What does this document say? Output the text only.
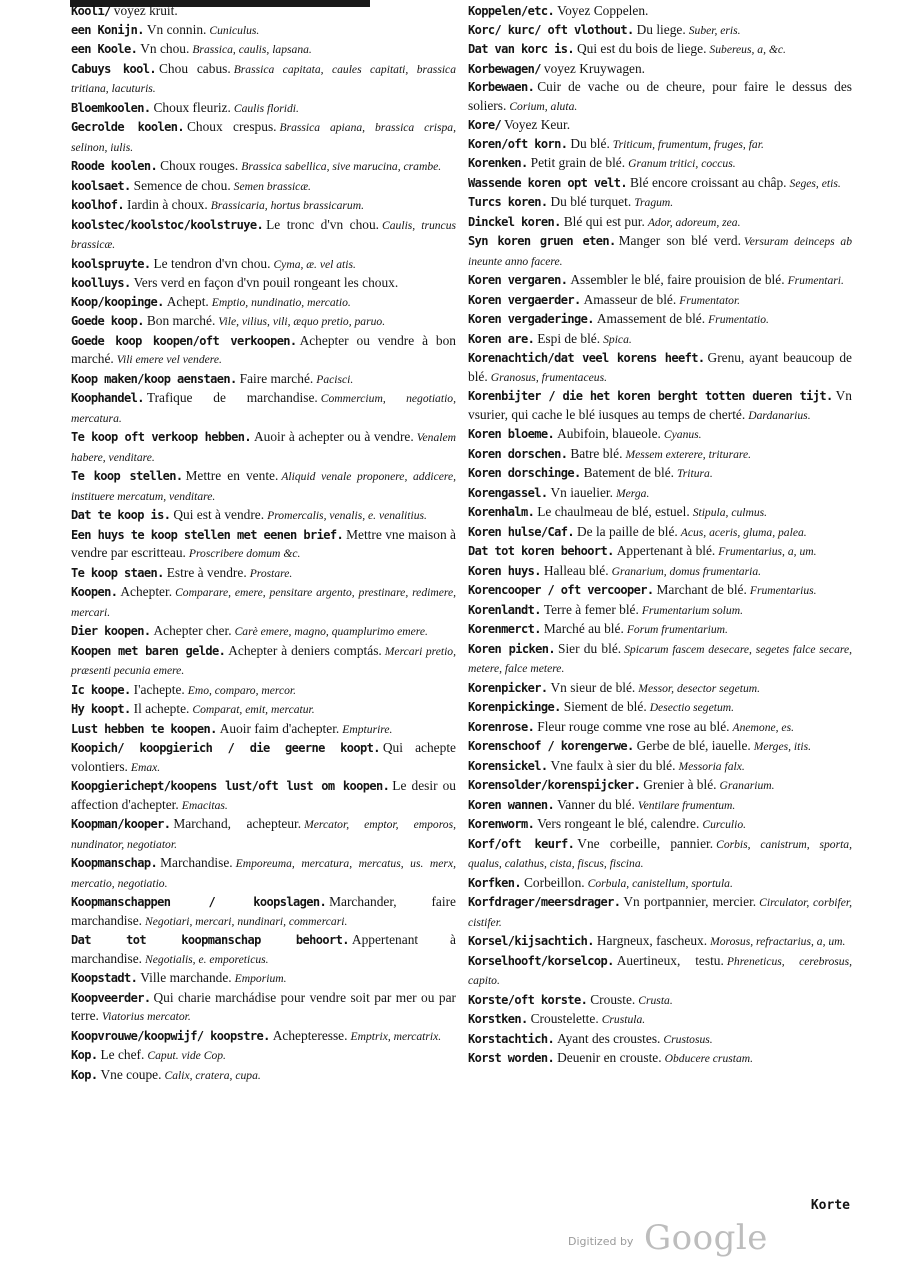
Kooli/ voyez kruit.

een Konijn. Vn connin. Cuniculus.

een Koole. Vn chou. Brassica, caulis, lapsana.

Cabuys kool. Chou cabus. Brassica capitata, caules capitati, brassica tritiana, lacuturis.

Bloemkoolen. Choux fleuriz. Caulis floridi.

Gecrolde koolen. Choux crespus. Brassica apiana, brassica crispa, selinon, iulis.

Roode koolen. Choux rouges. Brassica sabellica, sive marucina, crambe.

koolsaet. Semence de chou. Semen brassicæ.

koolhof. Iardin à choux. Brassicaria, hortus brassicarum.

koolstec/koolstoc/koolstruye. Le tronc d'vn chou. Caulis, truncus brassicæ.

koolspruyte. Le tendron d'vn chou. Cyma, æ. vel atis.

koolluys. Vers verd en façon d'vn pouil rongeant les choux.

Koop/koopinge. Achept. Emptio, nundinatio, mercatio.

Goede koop. Bon marché. Vile, vilius, vili, æquo pretio, paruo.

Goede koop koopen/oft verkoopen. Achepter ou vendre à bon marché. Vili emere vel vendere.

Koop maken/koop aenstaen. Faire marché. Pacisci.

Koophandel. Trafique de marchandise. Commercium, negotiatio, mercatura.

Te koop oft verkoop hebben. Auoir à achepter ou à vendre. Venalem habere, venditare.

Te koop stellen. Mettre en vente. Aliquid venale proponere, addicere, instituere mercatum, venditare.

Dat te koop is. Qui est à vendre. Promercalis, venalis, e. venalitius.

Een huys te koop stellen met eenen brief. Mettre vne maison à vendre par escritteau. Proscribere domum &c.

Te koop staen. Estre à vendre. Prostare.

Koopen. Achepter. Comparare, emere, pensitare argento, prestinare, redimere, mercari.

Dier koopen. Achepter cher. Carè emere, magno, quamplurimo emere.

Koopen met baren gelde. Achepter à deniers comptás. Mercari pretio, præsenti pecunia emere.

Ic koope. I'achepte. Emo, comparo, mercor.

Hy koopt. Il achepte. Comparat, emit, mercatur.

Lust hebben te koopen. Auoir faim d'achepter. Empturire.

Koopich/ koopgierich / die geerne koopt. Qui achepte volontiers. Emax.

Koopgierichept/koopens lust/oft lust om koopen. Le desir ou affection d'achepter. Emacitas.

Koopman/kooper. Marchand, achepteur. Mercator, emptor, emporos, nundinator, negotiator.

Koopmanschap. Marchandise. Emporeuma, mercatura, mercatus, us. merx, mercatio, negotiatio.

Koopmanschappen / koopslagen. Marchander, faire marchandise. Negotiari, mercari, nundinari, commercari.

Dat tot koopmanschap behoort. Appertenant à marchandise. Negotialis, e. emporeticus.

Koopstadt. Ville marchande. Emporium.

Koopveerder. Qui charie marchádise pour vendre soit par mer ou par terre. Viatorius mercator.

Koopvrouwe/koopwijf/ koopstre. Achepteresse. Emptrix, mercatrix.

Kop. Le chef. Caput. vide Cop.

Kop. Vne coupe. Calix, cratera, cupa.

Koppelen/etc. Voyez Coppelen.

Korc/ kurc/ oft vlothout. Du liege. Suber, eris.

Dat van korc is. Qui est du bois de liege. Subereus, a, &c.

Korbewagen/ voyez Kruywagen.

Korbewaen. Cuir de vache ou de cheure, pour faire le dessus des soliers. Corium, aluta.

Kore/ Voyez Keur.

Koren/oft korn. Du blé. Triticum, frumentum, fruges, far.

Korenken. Petit grain de blé. Granum tritici, coccus.

Wassende koren opt velt. Blé encore croissant au châp. Seges, etis.

Turcs koren. Du blé turquet. Tragum.

Dinckel koren. Blé qui est pur. Ador, adoreum, zea.

Syn koren gruen eten. Manger son blé verd. Versuram deinceps ab ineunte anno facere.

Koren vergaren. Assembler le blé, faire prouision de blé. Frumentari.

Koren vergaerder. Amasseur de blé. Frumentator.

Koren vergaderinge. Amassement de blé. Frumentatio.

Koren are. Espi de blé. Spica.

Korenachtich/dat veel korens heeft. Grenu, ayant beaucoup de blé. Granosus, frumentaceus.

Korenbijter / die het koren berght totten dueren tijt. Vn vsurier, qui cache le blé iusques au temps de cherté. Dardanarius.

Koren bloeme. Aubifoin, blaueole. Cyanus.

Koren dorschen. Batre blé. Messem exterere, triturare.

Koren dorschinge. Batement de blé. Tritura.

Korengassel. Vn iauelier. Merga.

Korenhalm. Le chaulmeau de blé, estuel. Stipula, culmus.

Koren hulse/Caf. De la paille de blé. Acus, aceris, gluma, palea.

Dat tot koren behoort. Appertenant à blé. Frumentarius, a, um.

Koren huys. Halleau blé. Granarium, domus frumentaria.

Korencooper / oft vercooper. Marchant de blé. Frumentarius.

Korenlandt. Terre à femer blé. Frumentarium solum.

Korenmerct. Marché au blé. Forum frumentarium.

Koren picken. Sier du blé. Spicarum fascem desecare, segetes falce secare, metere, falce metere.

Korenpicker. Vn sieur de blé. Messor, desector segetum.

Korenpickinge. Siement de blé. Desectio segetum.

Korenrose. Fleur rouge comme vne rose au blé. Anemone, es.

Korenschoof / korengerwe. Gerbe de blé, iauelle. Merges, itis.

Korensickel. Vne faulx à sier du blé. Messoria falx.

Korensolder/korenspijcker. Grenier à blé. Granarium.

Koren wannen. Vanner du blé. Ventilare frumentum.

Korenworm. Vers rongeant le blé, calendre. Curculio.

Korf/oft keurf. Vne corbeille, pannier. Corbis, canistrum, sporta, qualus, calathus, cista, fiscus, fiscina.

Korfken. Corbeillon. Corbula, canistellum, sportula.

Korfdrager/meersdrager. Vn portpannier, mercier. Circulator, corbifer, cistifer.

Korsel/kijsachtich. Hargneux, fascheux. Morosus, refractarius, a, um.

Korselhooft/korselcop. Auertineux, testu. Phreneticus, cerebrosus, capito.

Korste/oft korste. Crouste. Crusta.

Korstken. Croustelette. Crustula.

Korstachtich. Ayant des croustes. Crustosus.

Korst worden. Deuenir en crouste. Obducere crustam.

Korte
Digitized by Google
